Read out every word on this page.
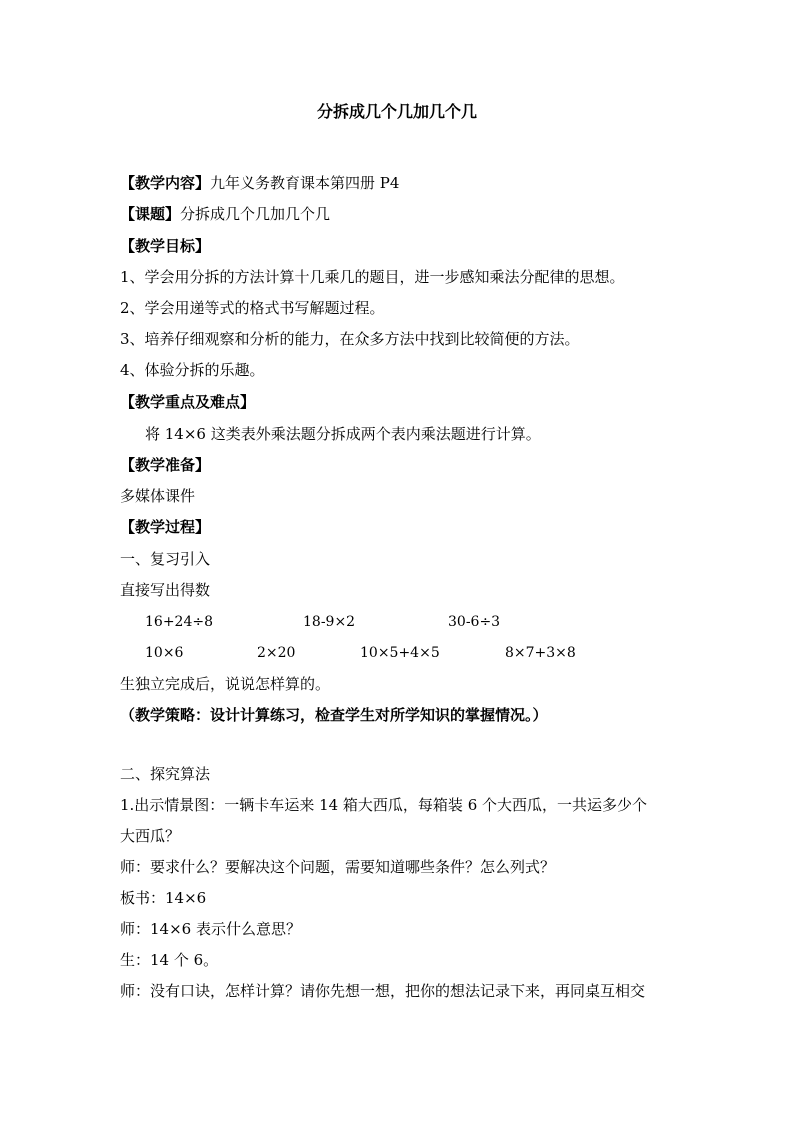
分拆成几个几加几个几
【教学内容】九年义务教育课本第四册 P4
【课题】分拆成几个几加几个几
【教学目标】
1、学会用分拆的方法计算十几乘几的题目，进一步感知乘法分配律的思想。
2、学会用递等式的格式书写解题过程。
3、培养仔细观察和分析的能力，在众多方法中找到比较简便的方法。
4、体验分拆的乐趣。
【教学重点及难点】
将 14×6 这类表外乘法题分拆成两个表内乘法题进行计算。
【教学准备】
多媒体课件
【教学过程】
一、复习引入
直接写出得数
16+24÷8	18-9×2	30-6÷3
10×6	2×20	10×5+4×5	8×7+3×8
生独立完成后，说说怎样算的。
（教学策略：设计计算练习，检查学生对所学知识的掌握情况。）
二、探究算法
1.出示情景图：一辆卡车运来 14 箱大西瓜，每箱装 6 个大西瓜，一共运多少个
大西瓜？
师：要求什么？要解决这个问题，需要知道哪些条件？怎么列式？
板书：14×6
师：14×6 表示什么意思？
生：14 个 6。
师：没有口诀，怎样计算？请你先想一想，把你的想法记录下来，再同桌互相交
